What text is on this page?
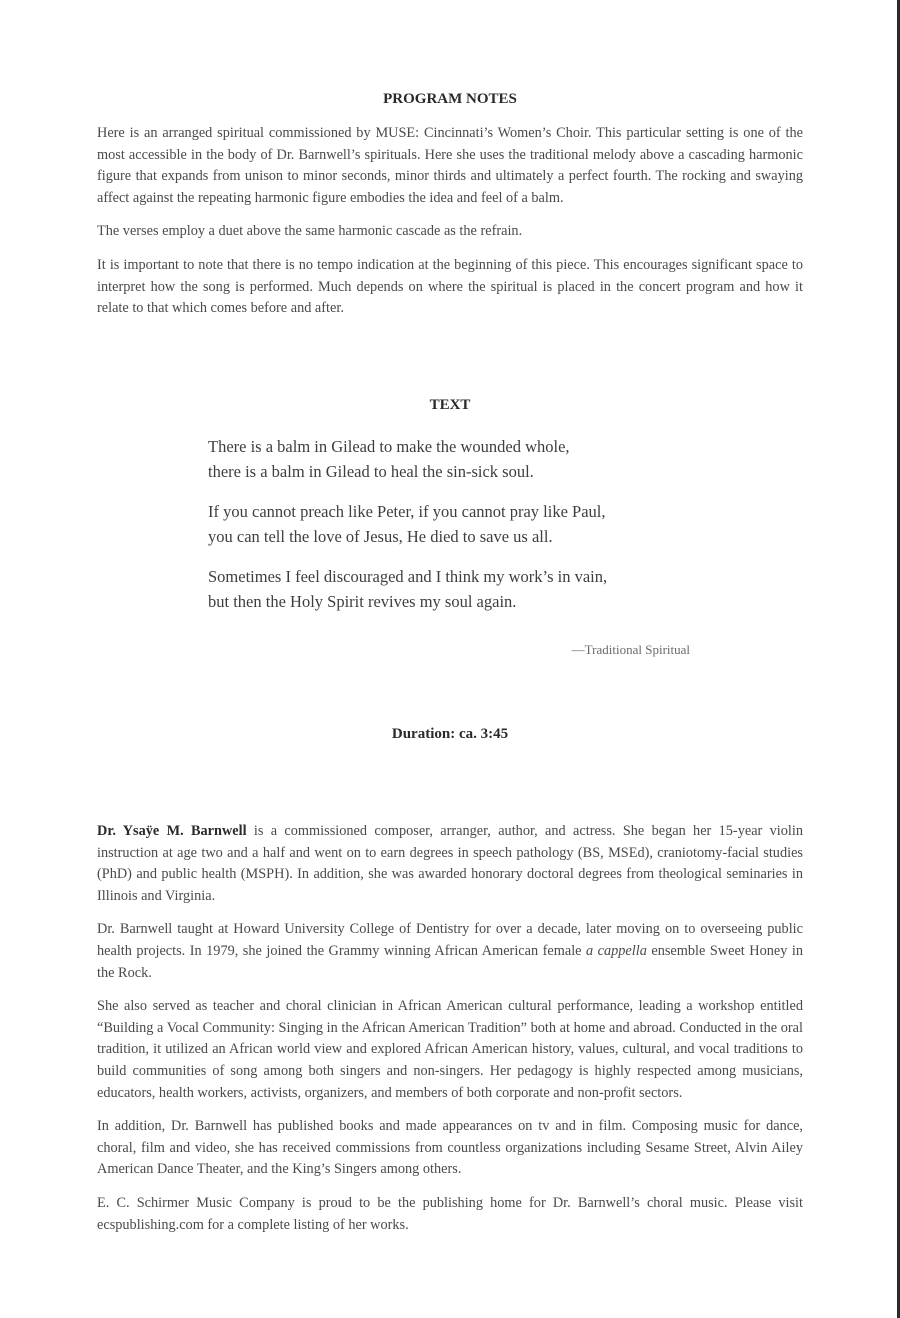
PROGRAM NOTES

Here is an arranged spiritual commissioned by MUSE: Cincinnati’s Women’s Choir. This particular setting is one of the most accessible in the body of Dr. Barnwell’s spirituals. Here she uses the traditional melody above a cascading harmonic figure that expands from unison to minor seconds, minor thirds and ultimately a perfect fourth. The rocking and swaying affect against the repeating harmonic figure embodies the idea and feel of a balm.

The verses employ a duet above the same harmonic cascade as the refrain.

It is important to note that there is no tempo indication at the beginning of this piece. This encourages significant space to interpret how the song is performed. Much depends on where the spiritual is placed in the concert program and how it relate to that which comes before and after.

TEXT
There is a balm in Gilead to make the wounded whole,
there is a balm in Gilead to heal the sin-sick soul.
If you cannot preach like Peter, if you cannot pray like Paul,
you can tell the love of Jesus, He died to save us all.
Sometimes I feel discouraged and I think my work’s in vain,
but then the Holy Spirit revives my soul again.
—Traditional Spiritual
Duration: ca. 3:45

Dr. Ysaÿe M. Barnwell is a commissioned composer, arranger, author, and actress. She began her 15-year violin instruction at age two and a half and went on to earn degrees in speech pathology (BS, MSEd), craniotomy-facial studies (PhD) and public health (MSPH). In addition, she was awarded honorary doctoral degrees from theological seminaries in Illinois and Virginia.

Dr. Barnwell taught at Howard University College of Dentistry for over a decade, later moving on to overseeing public health projects. In 1979, she joined the Grammy winning African American female a cappella ensemble Sweet Honey in the Rock.

She also served as teacher and choral clinician in African American cultural performance, leading a workshop entitled “Building a Vocal Community: Singing in the African American Tradition” both at home and abroad. Conducted in the oral tradition, it utilized an African world view and explored African American history, values, cultural, and vocal traditions to build communities of song among both singers and non-singers. Her pedagogy is highly respected among musicians, educators, health workers, activists, organizers, and members of both corporate and non-profit sectors.

In addition, Dr. Barnwell has published books and made appearances on tv and in film. Composing music for dance, choral, film and video, she has received commissions from countless organizations including Sesame Street, Alvin Ailey American Dance Theater, and the King’s Singers among others.

E. C. Schirmer Music Company is proud to be the publishing home for Dr. Barnwell’s choral music. Please visit ecspublishing.com for a complete listing of her works.
